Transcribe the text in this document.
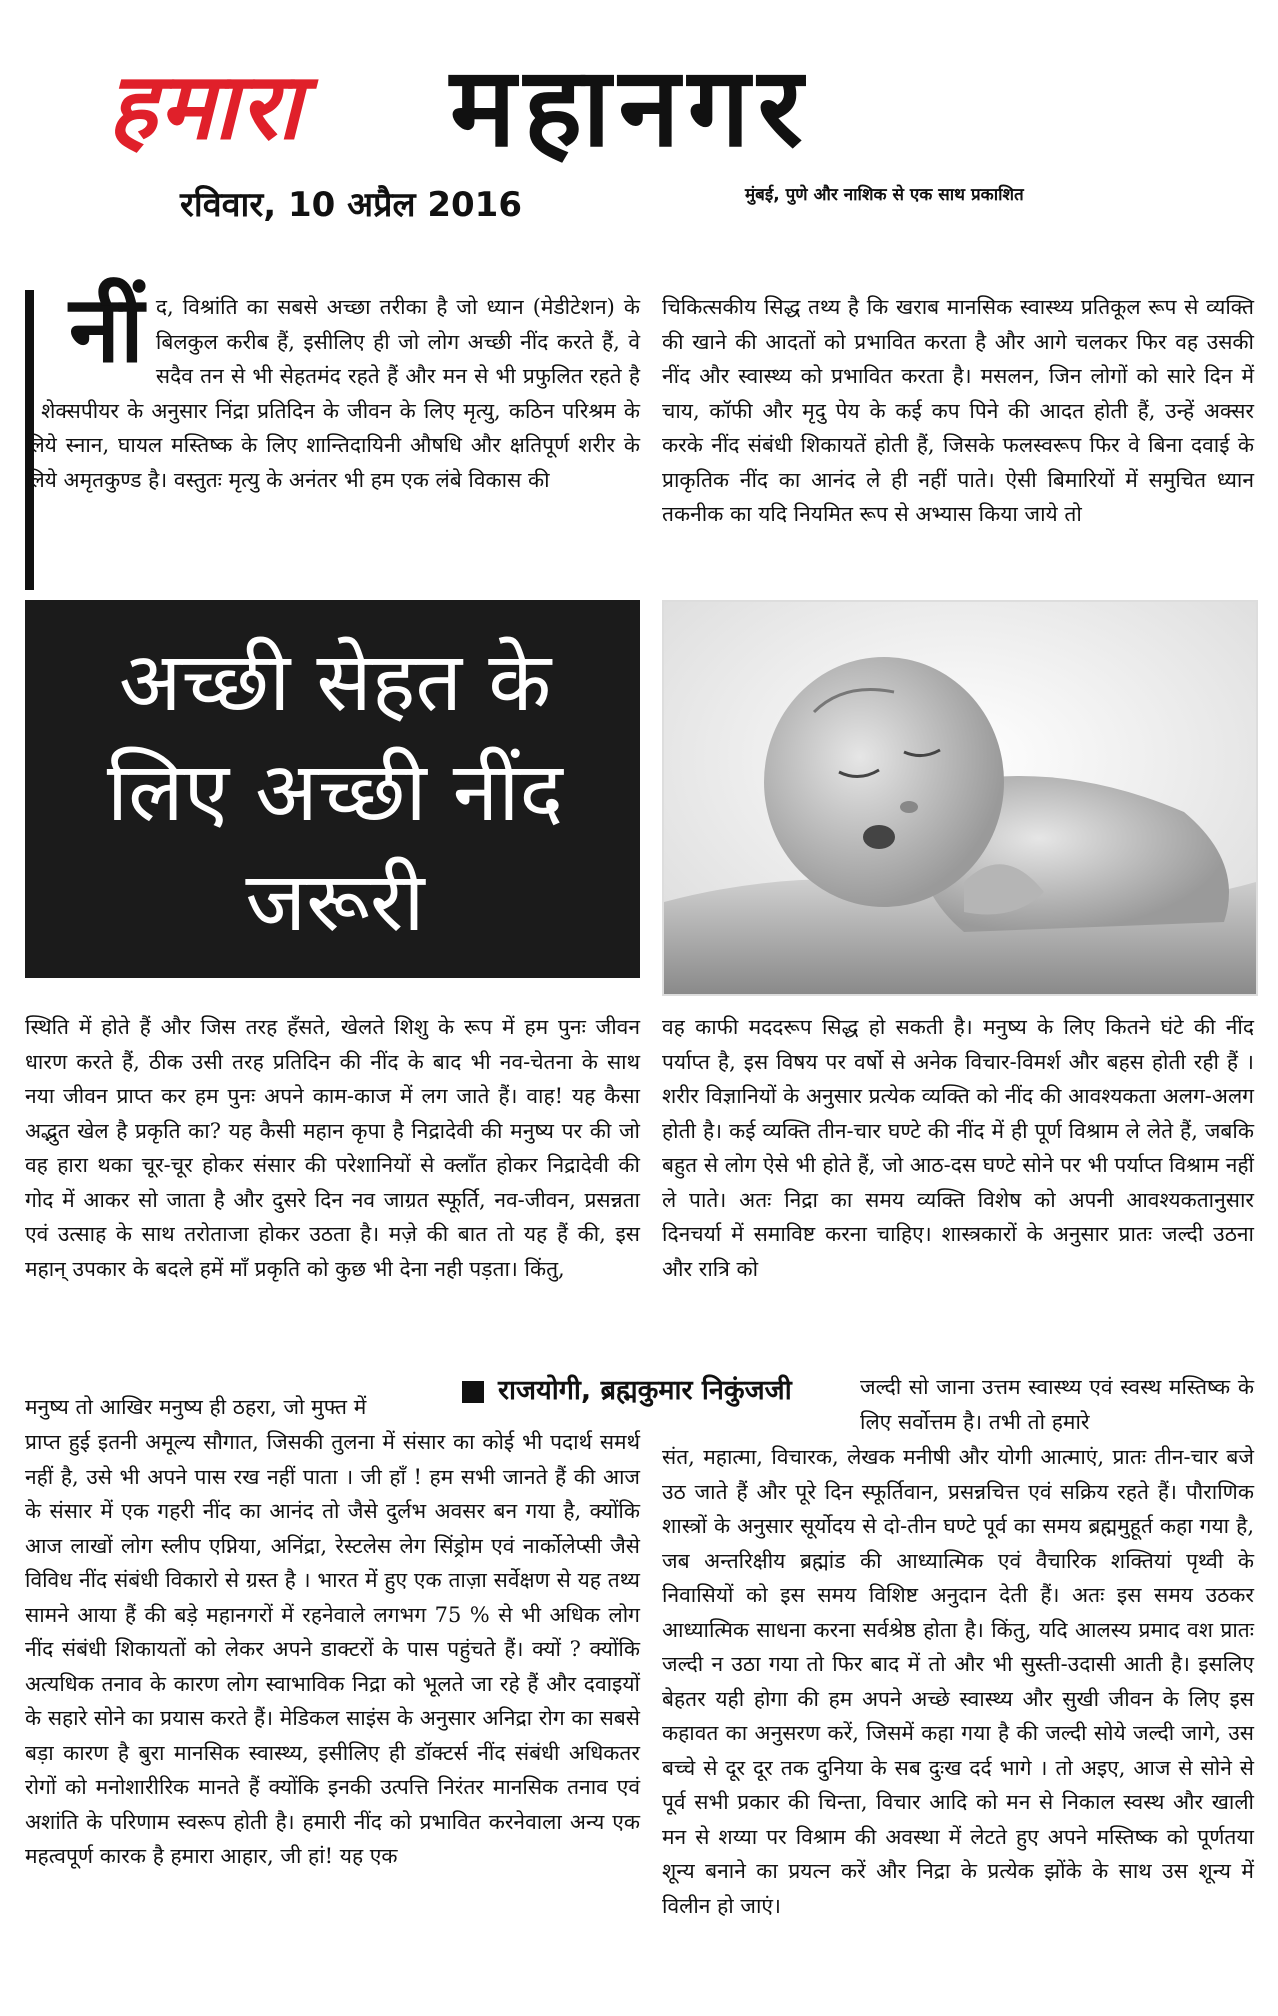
हमारा महानगर
रविवार, 10 अप्रैल 2016	मुंबई, पुणे और नाशिक से एक साथ प्रकाशित
नींद, विश्रांति का सबसे अच्छा तरीका है जो ध्यान (मेडीटेशन) के बिलकुल करीब हैं, इसीलिए ही जो लोग अच्छी नींद करते हैं, वे सदैव तन से भी सेहतमंद रहते हैं और मन से भी प्रफुलित रहते है । शेक्सपीयर के अनुसार निंद्रा प्रतिदिन के जीवन के लिए मृत्यु, कठिन परिश्रम के लिये स्नान, घायल मस्तिष्क के लिए शान्तिदायिनी औषधि और क्षतिपूर्ण शरीर के लिये अमृतकुण्ड है। वस्तुतः मृत्यु के अनंतर भी हम एक लंबे विकास की
चिकित्सकीय सिद्ध तथ्य है कि खराब मानसिक स्वास्थ्य प्रतिकूल रूप से व्यक्ति की खाने की आदतों को प्रभावित करता है और आगे चलकर फिर वह उसकी नींद और स्वास्थ्य को प्रभावित करता है। मसलन, जिन लोगों को सारे दिन में चाय, कॉफी और मृदु पेय के कई कप पिने की आदत होती हैं, उन्हें अक्सर करके नींद संबंधी शिकायतें होती हैं, जिसके फलस्वरूप फिर वे बिना दवाई के प्राकृतिक नींद का आनंद ले ही नहीं पाते। ऐसी बिमारियों में समुचित ध्यान तकनीक का यदि नियमित रूप से अभ्यास किया जाये तो
अच्छी सेहत के लिए अच्छी नींद जरूरी
स्थिति में होते हैं और जिस तरह हँसते, खेलते शिशु के रूप में हम पुनः जीवन धारण करते हैं, ठीक उसी तरह प्रतिदिन की नींद के बाद भी नव-चेतना के साथ नया जीवन प्राप्त कर हम पुनः अपने काम-काज में लग जाते हैं। वाह! यह कैसा अद्भुत खेल है प्रकृति का? यह कैसी महान कृपा है निद्रादेवी की मनुष्य पर की जो वह हारा थका चूर-चूर होकर संसार की परेशानियों से क्लाँत होकर निद्रादेवी की गोद में आकर सो जाता है और दुसरे दिन नव जाग्रत स्फूर्ति, नव-जीवन, प्रसन्नता एवं उत्साह के साथ तरोताजा होकर उठता है। मज़े की बात तो यह हैं की, इस महान् उपकार के बदले हमें माँ प्रकृति को कुछ भी देना नही पड़ता। किंतु,
मनुष्य तो आखिर मनुष्य ही ठहरा, जो मुफ्त में
प्राप्त हुई इतनी अमूल्य सौगात, जिसकी तुलना में संसार का कोई भी पदार्थ समर्थ नहीं है, उसे भी अपने पास रख नहीं पाता । जी हाँ ! हम सभी जानते हैं की आज के संसार में एक गहरी नींद का आनंद तो जैसे दुर्लभ अवसर बन गया है, क्योंकि आज लाखों लोग स्लीप एप्निया, अनिंद्रा, रेस्टलेस लेग सिंड्रोम एवं नार्कोलेप्सी जैसे विविध नींद संबंधी विकारो से ग्रस्त है । भारत में हुए एक ताज़ा सर्वेक्षण से यह तथ्य सामने आया हैं की बड़े महानगरों में रहनेवाले लगभग 75 % से भी अधिक लोग नींद संबंधी शिकायतों को लेकर अपने डाक्टरों के पास पहुंचते हैं। क्यों ? क्योंकि अत्यधिक तनाव के कारण लोग स्वाभाविक निद्रा को भूलते जा रहे हैं और दवाइयों के सहारे सोने का प्रयास करते हैं। मेडिकल साइंस के अनुसार अनिद्रा रोग का सबसे बड़ा कारण है बुरा मानसिक स्वास्थ्य, इसीलिए ही डॉक्टर्स नींद संबंधी अधिकतर रोगों को मनोशारीरिक मानते हैं क्योंकि इनकी उत्पत्ति निरंतर मानसिक तनाव एवं अशांति के परिणाम स्वरूप होती है। हमारी नींद को प्रभावित करनेवाला अन्य एक महत्वपूर्ण कारक है हमारा आहार, जी हां! यह एक
राजयोगी, ब्रह्मकुमार निकुंजजी
वह काफी मददरूप सिद्ध हो सकती है। मनुष्य के लिए कितने घंटे की नींद पर्याप्त है, इस विषय पर वर्षो से अनेक विचार-विमर्श और बहस होती रही हैं । शरीर विज्ञानियों के अनुसार प्रत्येक व्यक्ति को नींद की आवश्यकता अलग-अलग होती है। कई व्यक्ति तीन-चार घण्टे की नींद में ही पूर्ण विश्राम ले लेते हैं, जबकि बहुत से लोग ऐसे भी होते हैं, जो आठ-दस घण्टे सोने पर भी पर्याप्त विश्राम नहीं ले पाते। अतः निद्रा का समय व्यक्ति विशेष को अपनी आवश्यकतानुसार दिनचर्या में समाविष्ट करना चाहिए। शास्त्रकारों के अनुसार प्रातः जल्दी उठना और रात्रि को
जल्दी सो जाना उत्तम स्वास्थ्य एवं स्वस्थ मस्तिष्क के लिए सर्वोत्तम है। तभी तो हमारे
संत, महात्मा, विचारक, लेखक मनीषी और योगी आत्माएं, प्रातः तीन-चार बजे उठ जाते हैं और पूरे दिन स्फूर्तिवान, प्रसन्नचित्त एवं सक्रिय रहते हैं। पौराणिक शास्त्रों के अनुसार सूर्योदय से दो-तीन घण्टे पूर्व का समय ब्रह्ममुहूर्त कहा गया है, जब अन्तरिक्षीय ब्रह्मांड की आध्यात्मिक एवं वैचारिक शक्तियां पृथ्वी के निवासियों को इस समय विशिष्ट अनुदान देती हैं। अतः इस समय उठकर आध्यात्मिक साधना करना सर्वश्रेष्ठ होता है। किंतु, यदि आलस्य प्रमाद वश प्रातः जल्दी न उठा गया तो फिर बाद में तो और भी सुस्ती-उदासी आती है। इसलिए बेहतर यही होगा की हम अपने अच्छे स्वास्थ्य और सुखी जीवन के लिए इस कहावत का अनुसरण करें, जिसमें कहा गया है की जल्दी सोये जल्दी जागे, उस बच्चे से दूर दूर तक दुनिया के सब दुःख दर्द भागे । तो अइए, आज से सोने से पूर्व सभी प्रकार की चिन्ता, विचार आदि को मन से निकाल स्वस्थ और खाली मन से शय्या पर विश्राम की अवस्था में लेटते हुए अपने मस्तिष्क को पूर्णतया शून्य बनाने का प्रयत्न करें और निद्रा के प्रत्येक झोंके के साथ उस शून्य में विलीन हो जाएं।
